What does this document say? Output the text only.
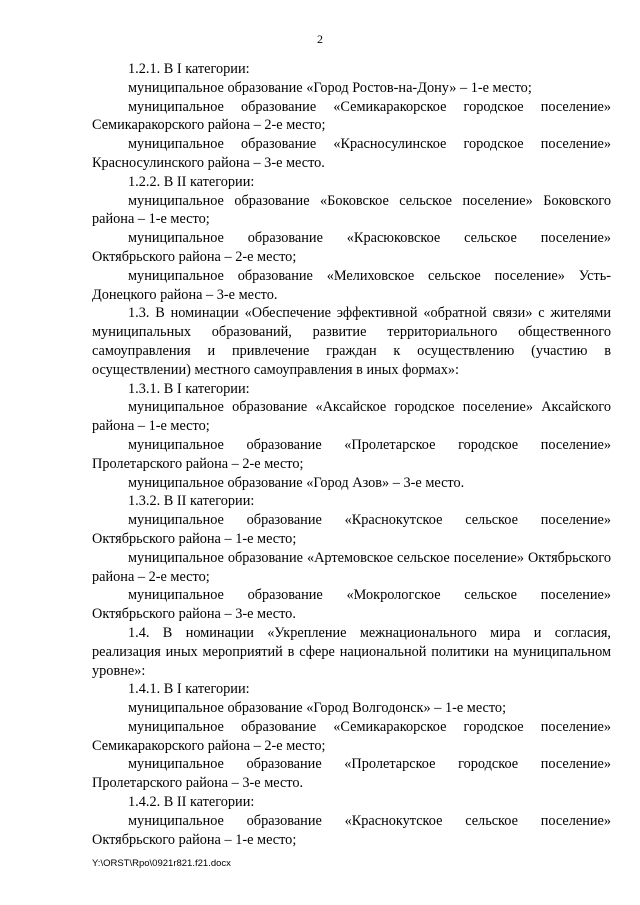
2

1.2.1. В I категории:

муниципальное образование «Город Ростов-на-Дону» – 1-е место;

муниципальное образование «Семикаракорское городское поселение» Семикаракорского района – 2-е место;

муниципальное образование «Красносулинское городское поселение» Красносулинского района – 3-е место.

1.2.2. В II категории:

муниципальное образование «Боковское сельское поселение» Боковского района – 1-е место;

муниципальное образование «Красюковское сельское поселение» Октябрьского района – 2-е место;

муниципальное образование «Мелиховское сельское поселение» Усть-Донецкого района – 3-е место.

1.3. В номинации «Обеспечение эффективной «обратной связи» с жителями муниципальных образований, развитие территориального общественного самоуправления и привлечение граждан к осуществлению (участию в осуществлении) местного самоуправления в иных формах»:

1.3.1. В I категории:

муниципальное образование «Аксайское городское поселение» Аксайского района – 1-е место;

муниципальное образование «Пролетарское городское поселение» Пролетарского района – 2-е место;

муниципальное образование «Город Азов» – 3-е место.

1.3.2. В II категории:

муниципальное образование «Краснокутское сельское поселение» Октябрьского района – 1-е место;

муниципальное образование «Артемовское сельское поселение» Октябрьского района – 2-е место;

муниципальное образование «Мокрологское сельское поселение» Октябрьского района – 3-е место.

1.4. В номинации «Укрепление межнационального мира и согласия, реализация иных мероприятий в сфере национальной политики на муниципальном уровне»:

1.4.1. В I категории:

муниципальное образование «Город Волгодонск» – 1-е место;

муниципальное образование «Семикаракорское городское поселение» Семикаракорского района – 2-е место;

муниципальное образование «Пролетарское городское поселение» Пролетарского района – 3-е место.

1.4.2. В II категории:

муниципальное образование «Краснокутское сельское поселение» Октябрьского района – 1-е место;

Y:\ORST\Rpo\0921r821.f21.docx
